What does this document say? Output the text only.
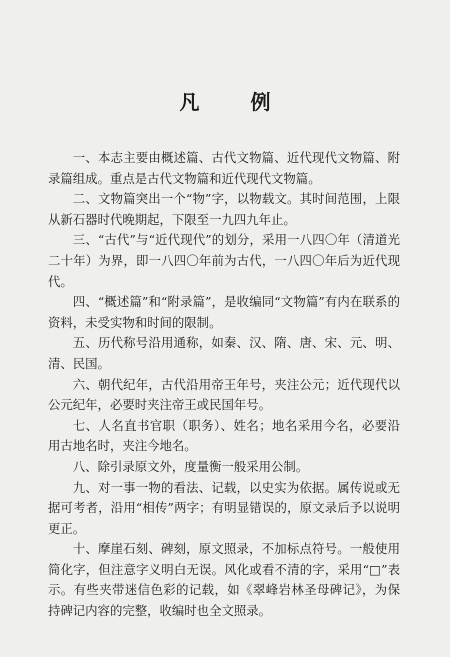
凡 例

一、本志主要由概述篇、古代文物篇、近代现代文物篇、附录篇组成。重点是古代文物篇和近代现代文物篇。

二、文物篇突出一个“物”字，以物载文。其时间范围，上限从新石器时代晚期起，下限至一九四九年止。

三、“古代”与“近代现代”的划分，采用一八四〇年（清道光二十年）为界，即一八四〇年前为古代，一八四〇年后为近代现代。

四、“概述篇”和“附录篇”，是收编同“文物篇”有内在联系的资料，未受实物和时间的限制。

五、历代称号沿用通称，如秦、汉、隋、唐、宋、元、明、清、民国。

六、朝代纪年，古代沿用帝王年号，夹注公元；近代现代以公元纪年，必要时夹注帝王或民国年号。

七、人名直书官职（职务）、姓名；地名采用今名，必要沿用古地名时，夹注今地名。

八、除引录原文外，度量衡一般采用公制。

九、对一事一物的看法、记载，以史实为依据。属传说或无据可考者，沿用“相传”两字；有明显错误的，原文录后予以说明更正。

十、摩崖石刻、碑刻，原文照录，不加标点符号。一般使用简化字，但注意字义明白无误。风化或看不清的字，采用“□”表示。有些夹带迷信色彩的记载，如《翠峰岩林圣母碑记》，为保持碑记内容的完整，收编时也全文照录。
